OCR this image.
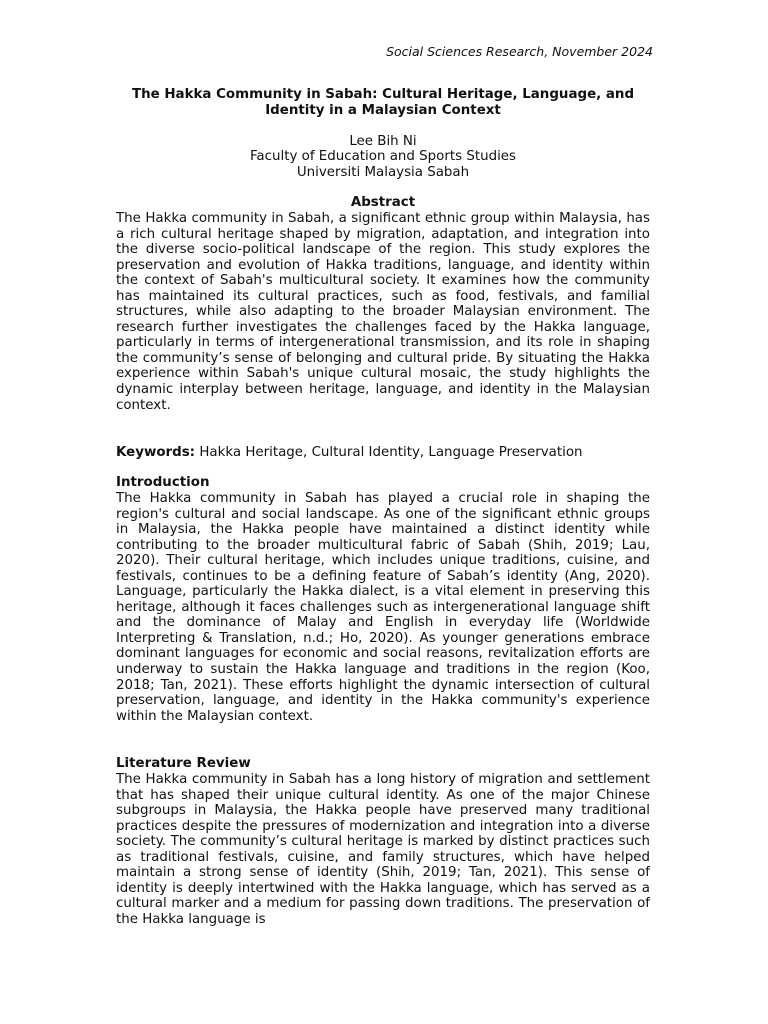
Social Sciences Research, November 2024
The Hakka Community in Sabah: Cultural Heritage, Language, and Identity in a Malaysian Context
Lee Bih Ni
Faculty of Education and Sports Studies
Universiti Malaysia Sabah
Abstract
The Hakka community in Sabah, a significant ethnic group within Malaysia, has a rich cultural heritage shaped by migration, adaptation, and integration into the diverse socio-political landscape of the region. This study explores the preservation and evolution of Hakka traditions, language, and identity within the context of Sabah's multicultural society. It examines how the community has maintained its cultural practices, such as food, festivals, and familial structures, while also adapting to the broader Malaysian environment. The research further investigates the challenges faced by the Hakka language, particularly in terms of intergenerational transmission, and its role in shaping the community’s sense of belonging and cultural pride. By situating the Hakka experience within Sabah's unique cultural mosaic, the study highlights the dynamic interplay between heritage, language, and identity in the Malaysian context.
Keywords: Hakka Heritage, Cultural Identity, Language Preservation
Introduction
The Hakka community in Sabah has played a crucial role in shaping the region's cultural and social landscape. As one of the significant ethnic groups in Malaysia, the Hakka people have maintained a distinct identity while contributing to the broader multicultural fabric of Sabah (Shih, 2019; Lau, 2020). Their cultural heritage, which includes unique traditions, cuisine, and festivals, continues to be a defining feature of Sabah’s identity (Ang, 2020). Language, particularly the Hakka dialect, is a vital element in preserving this heritage, although it faces challenges such as intergenerational language shift and the dominance of Malay and English in everyday life (Worldwide Interpreting & Translation, n.d.; Ho, 2020). As younger generations embrace dominant languages for economic and social reasons, revitalization efforts are underway to sustain the Hakka language and traditions in the region (Koo, 2018; Tan, 2021). These efforts highlight the dynamic intersection of cultural preservation, language, and identity in the Hakka community's experience within the Malaysian context.
Literature Review
The Hakka community in Sabah has a long history of migration and settlement that has shaped their unique cultural identity. As one of the major Chinese subgroups in Malaysia, the Hakka people have preserved many traditional practices despite the pressures of modernization and integration into a diverse society. The community’s cultural heritage is marked by distinct practices such as traditional festivals, cuisine, and family structures, which have helped maintain a strong sense of identity (Shih, 2019; Tan, 2021). This sense of identity is deeply intertwined with the Hakka language, which has served as a cultural marker and a medium for passing down traditions. The preservation of the Hakka language is
